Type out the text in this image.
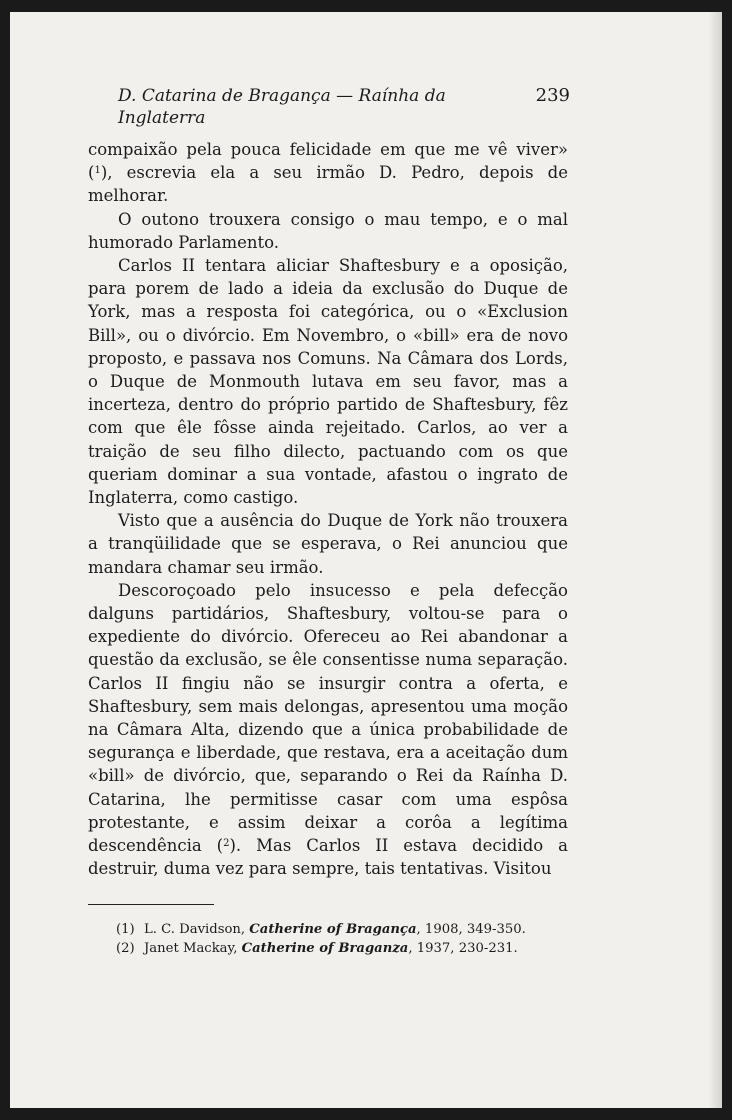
D. Catarina de Bragança — Raínha da Inglaterra
239

compaixão pela pouca felicidade em que me vê viver» ($^1$), escrevia ela a seu irmão D. Pedro, depois de melhorar.

O outono trouxera consigo o mau tempo, e o mal humorado Parlamento.

Carlos II tentara aliciar Shaftesbury e a oposição, para porem de lado a ideia da exclusão do Duque de York, mas a resposta foi categórica, ou o «Exclusion Bill», ou o divórcio. Em Novembro, o «bill» era de novo proposto, e passava nos Comuns. Na Câmara dos Lords, o Duque de Monmouth lutava em seu favor, mas a incerteza, dentro do próprio partido de Shaftesbury, fêz com que êle fôsse ainda rejeitado. Carlos, ao ver a traição de seu filho dilecto, pactuando com os que queriam dominar a sua vontade, afastou o ingrato de Inglaterra, como castigo.

Visto que a ausência do Duque de York não trouxera a tranqüilidade que se esperava, o Rei anunciou que mandara chamar seu irmão.

Descoroçoado pelo insucesso e pela defecção dalguns partidários, Shaftesbury, voltou-se para o expediente do divórcio. Ofereceu ao Rei abandonar a questão da exclusão, se êle consentisse numa separação. Carlos II fingiu não se insurgir contra a oferta, e Shaftesbury, sem mais delongas, apresentou uma moção na Câmara Alta, dizendo que a única probabilidade de segurança e liberdade, que restava, era a aceitação dum «bill» de divórcio, que, separando o Rei da Raínha D. Catarina, lhe permitisse casar com uma espôsa protestante, e assim deixar a corôa a legítima descendência ($^2$). Mas Carlos II estava decidido a destruir, duma vez para sempre, tais tentativas. Visitou

(1) L. C. Davidson, Catherine of Bragança, 1908, 349-350.
(2) Janet Mackay, Catherine of Braganza, 1937, 230-231.
